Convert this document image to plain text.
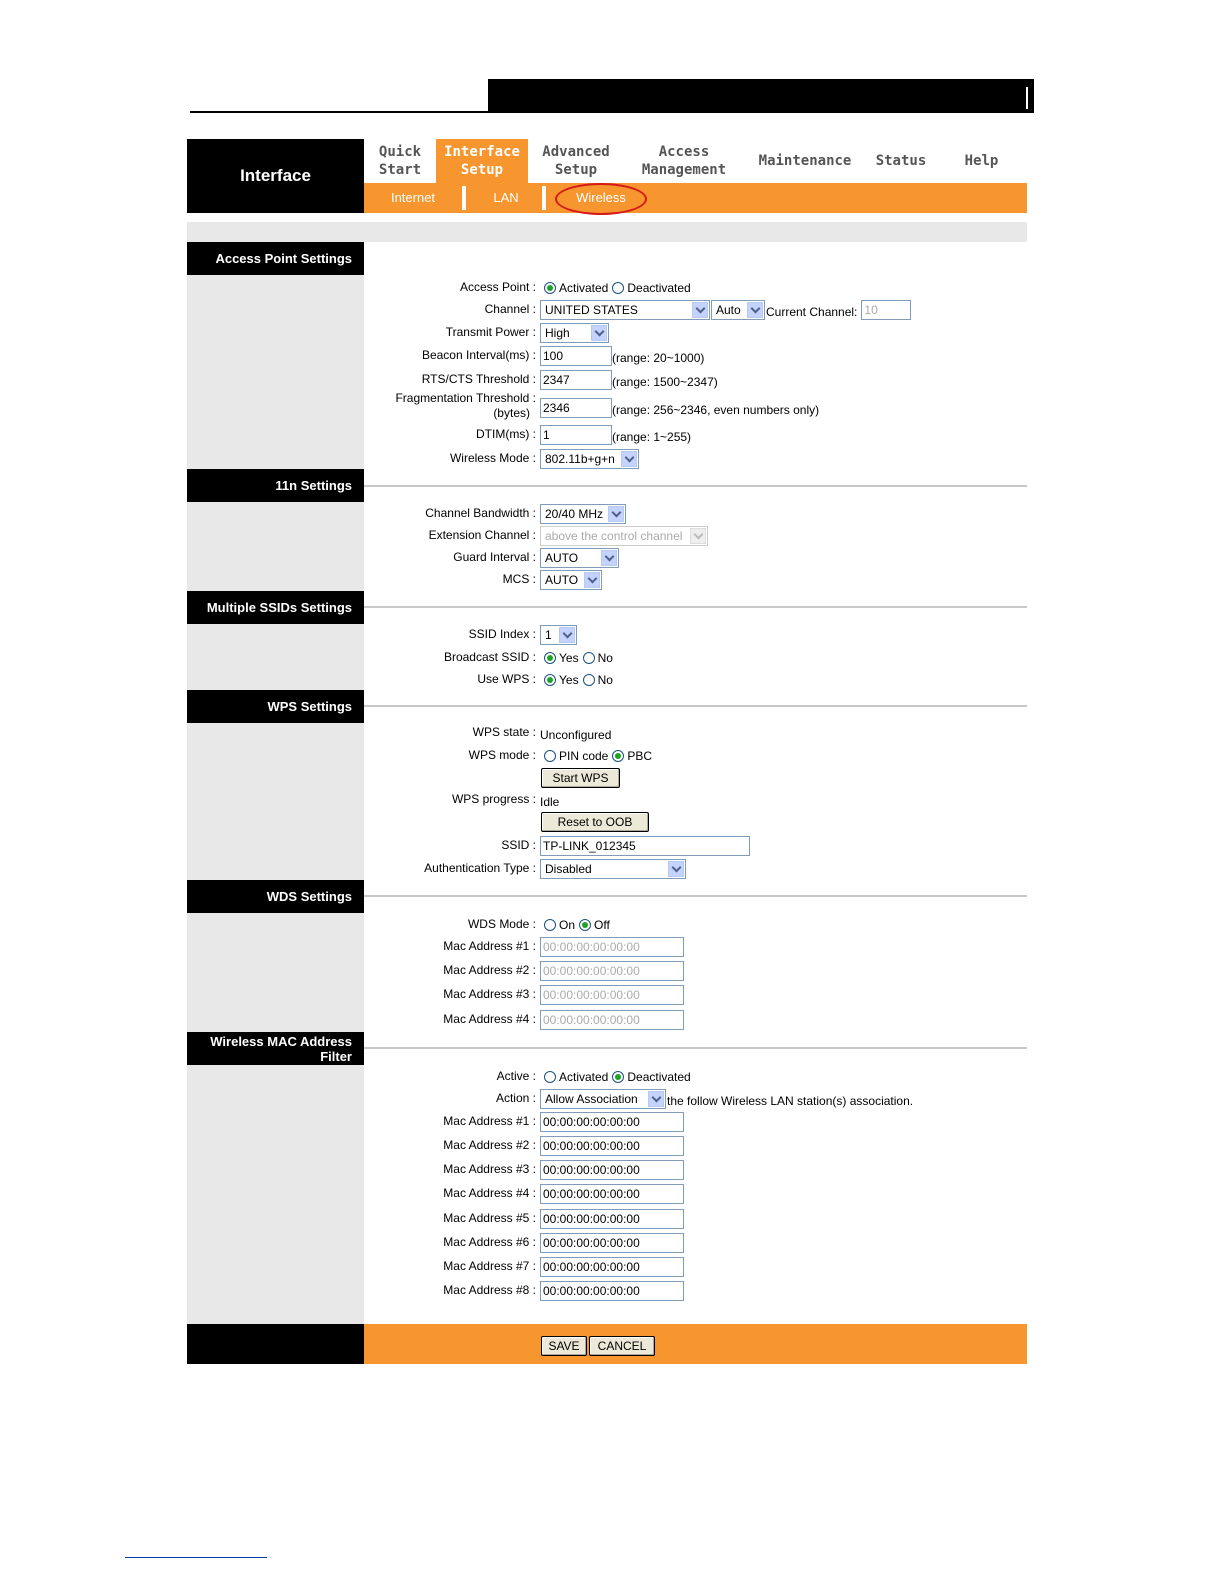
Interface
Quick
Start
Interface
Setup
Advanced
Setup
Access
Management
Maintenance	Status	Help
Internet	LAN	Wireless
Access Point Settings
11n Settings
Multiple SSIDs Settings
WPS Settings
WDS Settings
Wireless MAC Address
Filter
Access Point : Activated Deactivated
Channel : UNITED STATES	Auto	Current Channel: 10
Transmit Power : High
Beacon Interval(ms) : 100	(range: 20~1000)
RTS/CTS Threshold : 2347	(range: 1500~2347)
Fragmentation Threshold :
(bytes)	2346	(range: 256~2346, even numbers only)
DTIM(ms) : 1	(range: 1~255)
Wireless Mode : 802.11b+g+n
Channel Bandwidth : 20/40 MHz
Extension Channel : above the control channel
Guard Interval : AUTO
MCS : AUTO
SSID Index : 1
Broadcast SSID : Yes No
Use WPS : Yes No
WPS state : Unconfigured
WPS mode : PIN code PBC
Start WPS
WPS progress : Idle
Reset to OOB
SSID : TP-LINK_012345
Authentication Type : Disabled
WDS Mode : On Off
Mac Address #1 : 00:00:00:00:00:00
Mac Address #2 : 00:00:00:00:00:00
Mac Address #3 : 00:00:00:00:00:00
Mac Address #4 : 00:00:00:00:00:00
Active : Activated Deactivated
Action : Allow Association	the follow Wireless LAN station(s) association.
Mac Address #1 : 00:00:00:00:00:00
Mac Address #2 : 00:00:00:00:00:00
Mac Address #3 : 00:00:00:00:00:00
Mac Address #4 : 00:00:00:00:00:00
Mac Address #5 : 00:00:00:00:00:00
Mac Address #6 : 00:00:00:00:00:00
Mac Address #7 : 00:00:00:00:00:00
Mac Address #8 : 00:00:00:00:00:00
SAVE	CANCEL
